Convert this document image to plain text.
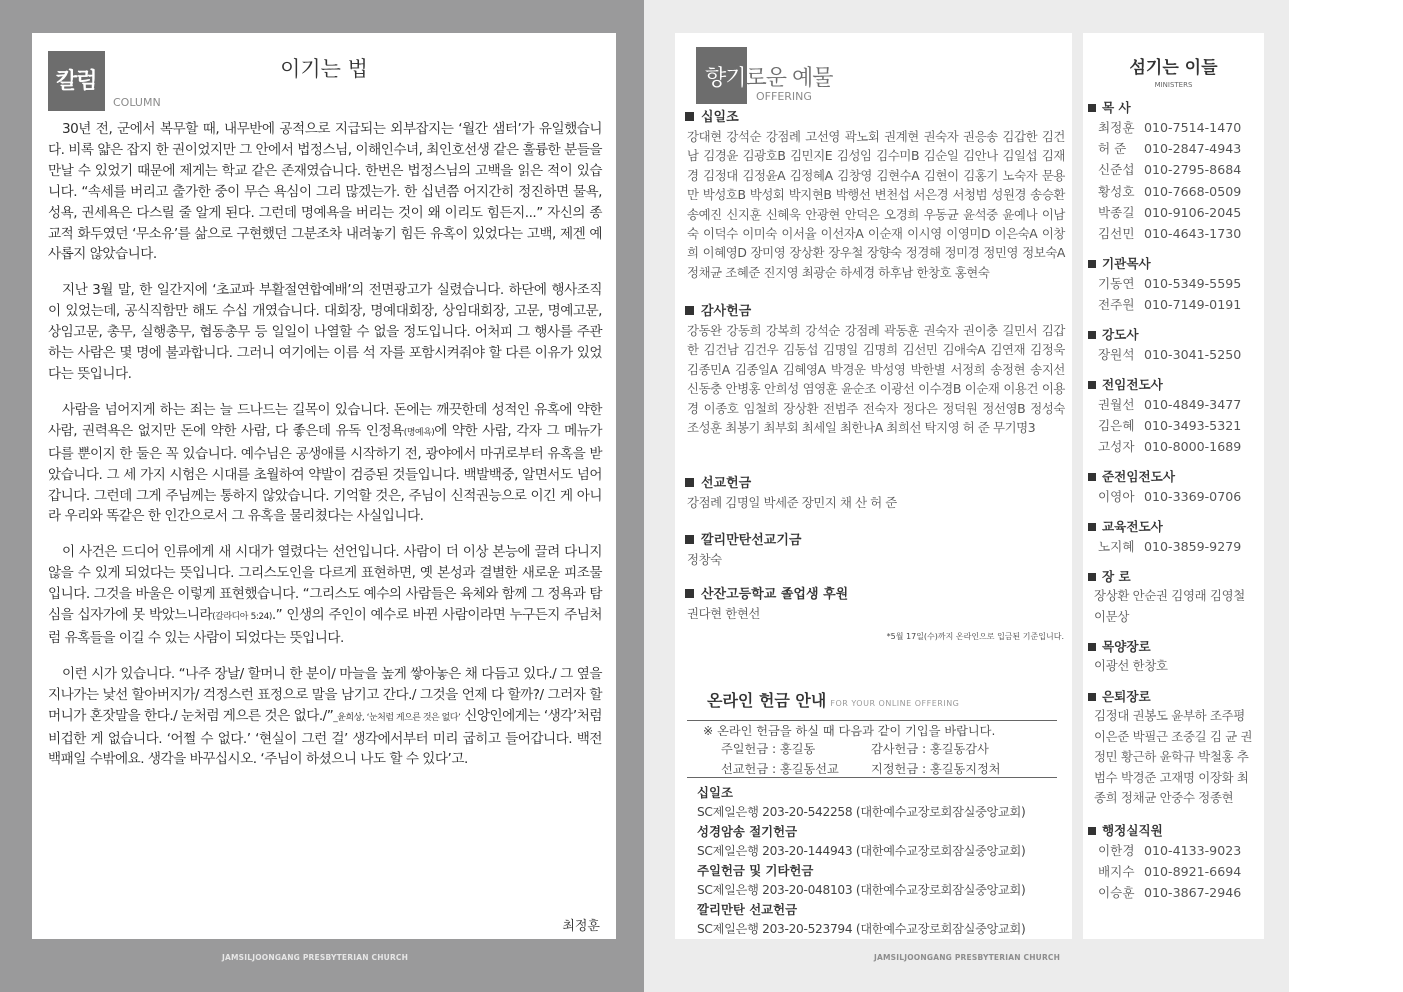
JAMSILJOONGANG PRESBYTERIAN CHURCH	JAMSILJOONGANG PRESBYTERIAN CHURCH
칼럼
COLUMN
이기는 법

30년 전, 군에서 복무할 때, 내무반에 공적으로 지급되는 외부잡지는 ‘월간 샘터’가 유일했습니다. 비록 얇은 잡지 한 권이었지만 그 안에서 법정스님, 이해인수녀, 최인호선생 같은 훌륭한 분들을 만날 수 있었기 때문에 제게는 학교 같은 존재였습니다. 한번은 법정스님의 고백을 읽은 적이 있습니다. “속세를 버리고 출가한 중이 무슨 욕심이 그리 많겠는가. 한 십년쯤 어지간히 정진하면 물욕, 성욕, 권세욕은 다스릴 줄 알게 된다. 그런데 명예욕을 버리는 것이 왜 이리도 힘든지...” 자신의 종교적 화두였던 ‘무소유’를 삶으로 구현했던 그분조차 내려놓기 힘든 유혹이 있었다는 고백, 제겐 예사롭지 않았습니다.

지난 3월 말, 한 일간지에 ‘초교파 부활절연합예배’의 전면광고가 실렸습니다. 하단에 행사조직이 있었는데, 공식직함만 해도 수십 개였습니다. 대회장, 명예대회장, 상임대회장, 고문, 명예고문, 상임고문, 총무, 실행총무, 협동총무 등 일일이 나열할 수 없을 정도입니다. 어처피 그 행사를 주관하는 사람은 몇 명에 불과합니다. 그러니 여기에는 이름 석 자를 포함시켜줘야 할 다른 이유가 있었다는 뜻입니다.

사람을 넘어지게 하는 죄는 늘 드나드는 길목이 있습니다. 돈에는 깨끗한데 성적인 유혹에 약한 사람, 권력욕은 없지만 돈에 약한 사람, 다 좋은데 유독 인정욕(명예욕)에 약한 사람, 각자 그 메뉴가 다를 뿐이지 한 둘은 꼭 있습니다. 예수님은 공생애를 시작하기 전, 광야에서 마귀로부터 유혹을 받았습니다. 그 세 가지 시험은 시대를 초월하여 약발이 검증된 것들입니다. 백발백중, 알면서도 넘어갑니다. 그런데 그게 주님께는 통하지 않았습니다. 기억할 것은, 주님이 신적권능으로 이긴 게 아니라 우리와 똑같은 한 인간으로서 그 유혹을 물리쳤다는 사실입니다.

이 사건은 드디어 인류에게 새 시대가 열렸다는 선언입니다. 사람이 더 이상 본능에 끌려 다니지 않을 수 있게 되었다는 뜻입니다. 그리스도인을 다르게 표현하면, 옛 본성과 결별한 새로운 피조물입니다. 그것을 바울은 이렇게 표현했습니다. “그리스도 예수의 사람들은 육체와 함께 그 정욕과 탐심을 십자가에 못 박았느니라(갈라디아 5:24).” 인생의 주인이 예수로 바뀐 사람이라면 누구든지 주님처럼 유혹들을 이길 수 있는 사람이 되었다는 뜻입니다.

이런 시가 있습니다. “나주 장날/ 할머니 한 분이/ 마늘을 높게 쌓아놓은 채 다듬고 있다./ 그 옆을 지나가는 낯선 할아버지가/ 걱정스런 표정으로 말을 남기고 간다./ 그것을 언제 다 할까?/ 그러자 할머니가 혼잣말을 한다./ 눈처럼 게으른 것은 없다./”_윤희상, ‘눈처럼 게으른 것은 없다’ 신앙인에게는 ‘생각’처럼 비겁한 게 없습니다. ‘어쩔 수 없다.’ ‘현실이 그런 걸’ 생각에서부터 미리 굽히고 들어갑니다. 백전백패일 수밖에요. 생각을 바꾸십시오. ‘주님이 하셨으니 나도 할 수 있다’고.

최정훈
향기로운 예물
OFFERING
십일조
강대현 강석순 강점례 고선영 곽노회 권계현 권숙자 권응송 김갑한 김건남 김경윤 김광호B 김민지E 김성임 김수미B 김순일 김안나 김일섭 김재경 김정대 김정윤A 김정혜A 김창영 김현수A 김현이 김홍기 노숙자 문용만 박성호B 박성회 박지현B 박행선 변천섭 서은경 서청범 성원경 송승환 송예진 신지훈 신혜욱 안광현 안덕은 오경희 우동균 윤석중 윤예나 이남숙 이덕수 이미숙 이서율 이선자A 이순재 이시영 이영미D 이은숙A 이창희 이혜영D 장미영 장상환 장우철 장향숙 정경해 정미경 정민영 정보숙A 정채균 조혜준 진지영 최광순 하세경 하후남 한창호 홍현숙
감사헌금
강동완 강동희 강복희 강석순 강점례 곽동훈 권숙자 권이충 길민서 김갑한 김건남 김건우 김동섭 김명일 김명희 김선민 김애숙A 김연재 김정욱 김종민A 김종일A 김혜영A 박경운 박성영 박한별 서정희 송정현 송지선 신동충 안병홍 안희성 염영훈 윤순조 이광선 이수경B 이순재 이용건 이용경 이종호 임철희 장상환 전범주 전숙자 정다은 정덕원 정선영B 정성숙 조성훈 최봉기 최부회 최세일 최한나A 최희선 탁지영 허 준 무기명3
선교헌금
강점례 김명일 박세준 장민지 채 산 허 준
깔리만탄선교기금
정창숙
산잔고등학교 졸업생 후원
권다현 한현선
*5월 17일(수)까지 온라인으로 입금된 기준입니다.
온라인 헌금 안내 FOR YOUR ONLINE OFFERING
※ 온라인 헌금을 하실 때 다음과 같이 기입을 바랍니다.
주일헌금 : 홍길동	감사헌금 : 홍길동감사
선교헌금 : 홍길동선교	지정헌금 : 홍길동지정처
십일조
SC제일은행 203-20-542258 (대한예수교장로회잠실중앙교회)
성경암송 절기헌금
SC제일은행 203-20-144943 (대한예수교장로회잠실중앙교회)
주일헌금 및 기타헌금
SC제일은행 203-20-048103 (대한예수교장로회잠실중앙교회)
깔리만탄 선교헌금
SC제일은행 203-20-523794 (대한예수교장로회잠실중앙교회)
섬기는 이들
MINISTERS
목 사
최정훈 010-7514-1470
허 준 010-2847-4943
신준섭 010-2795-8684
황성호 010-7668-0509
박종길 010-9106-2045
김선민 010-4643-1730
기관목사
기동연 010-5349-5595
전주원 010-7149-0191
강도사
장원석 010-3041-5250
전임전도사
권월선 010-4849-3477
김은혜 010-3493-5321
고성자 010-8000-1689
준전임전도사
이영아 010-3369-0706
교육전도사
노지혜 010-3859-9279
장 로
장상환 안순권 김영래 김영철 이문상
목양장로
이광선 한창호
은퇴장로
김정대 권봉도 윤부하 조주평 이은준 박필근 조중길 김 균 권정민 황근하 윤학규 박철홍 추범수 박경준 고재명 이장화 최종희 정채균 안중수 정종현
행정실직원
이한경 010-4133-9023
배지수 010-8921-6694
이승훈 010-3867-2946
